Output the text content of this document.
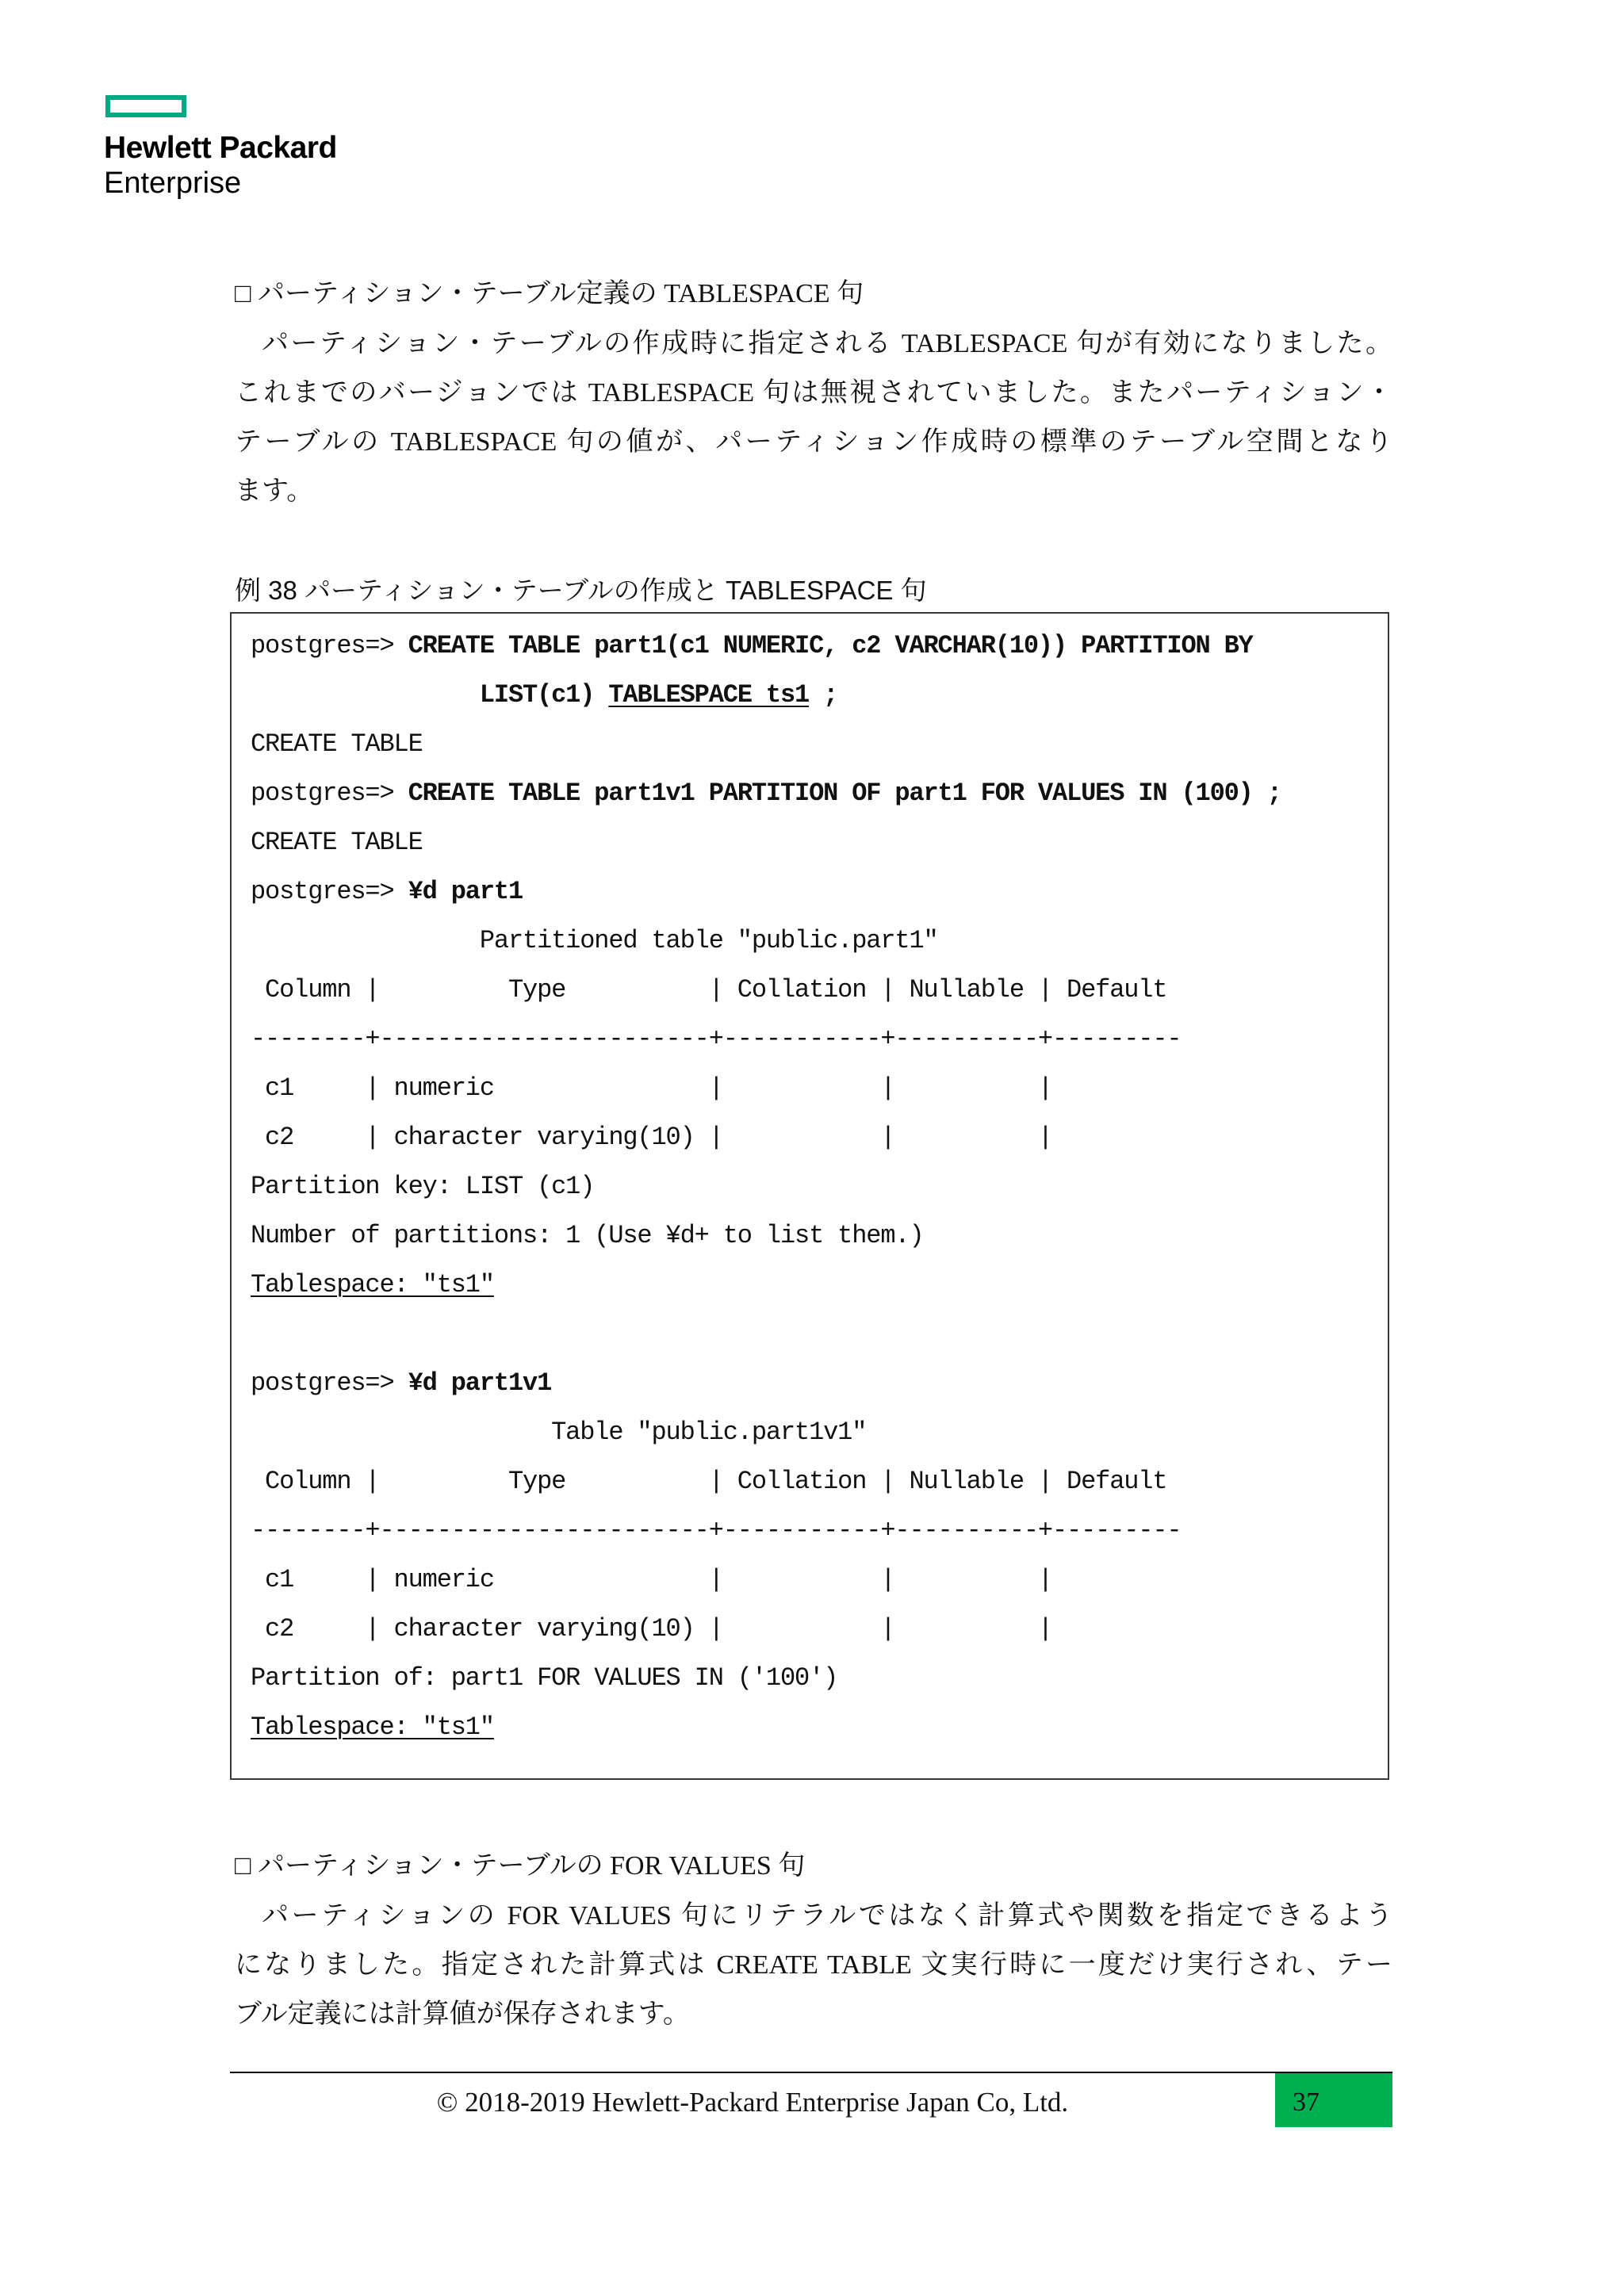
Hewlett Packard
Enterprise
□ パーティション・テーブル定義の TABLESPACE 句
パーティション・テーブルの作成時に指定される TABLESPACE 句が有効になりました。
これまでのバージョンでは TABLESPACE 句は無視されていました。またパーティション・
テーブルの TABLESPACE 句の値が、パーティション作成時の標準のテーブル空間となり
ます。
例 38 パーティション・テーブルの作成と TABLESPACE 句
postgres=> CREATE TABLE part1(c1 NUMERIC, c2 VARCHAR(10)) PARTITION BY
LIST(c1) TABLESPACE ts1 ;
CREATE TABLE
postgres=> CREATE TABLE part1v1 PARTITION OF part1 FOR VALUES IN (100) ;
CREATE TABLE
postgres=> ¥d part1
Partitioned table "public.part1"
Column |         Type          | Collation | Nullable | Default
--------+-----------------------+-----------+----------+---------
c1     | numeric               |           |          |
c2     | character varying(10) |           |          |
Partition key: LIST (c1)
Number of partitions: 1 (Use ¥d+ to list them.)
Tablespace: "ts1"
postgres=> ¥d part1v1
Table "public.part1v1"
Column |         Type          | Collation | Nullable | Default
--------+-----------------------+-----------+----------+---------
c1     | numeric               |           |          |
c2     | character varying(10) |           |          |
Partition of: part1 FOR VALUES IN ('100')
Tablespace: "ts1"
□ パーティション・テーブルの FOR VALUES 句
パーティションの FOR VALUES 句にリテラルではなく計算式や関数を指定できるよう
になりました。指定された計算式は CREATE TABLE 文実行時に一度だけ実行され、テー
ブル定義には計算値が保存されます。
© 2018-2019 Hewlett-Packard Enterprise Japan Co, Ltd.	37
